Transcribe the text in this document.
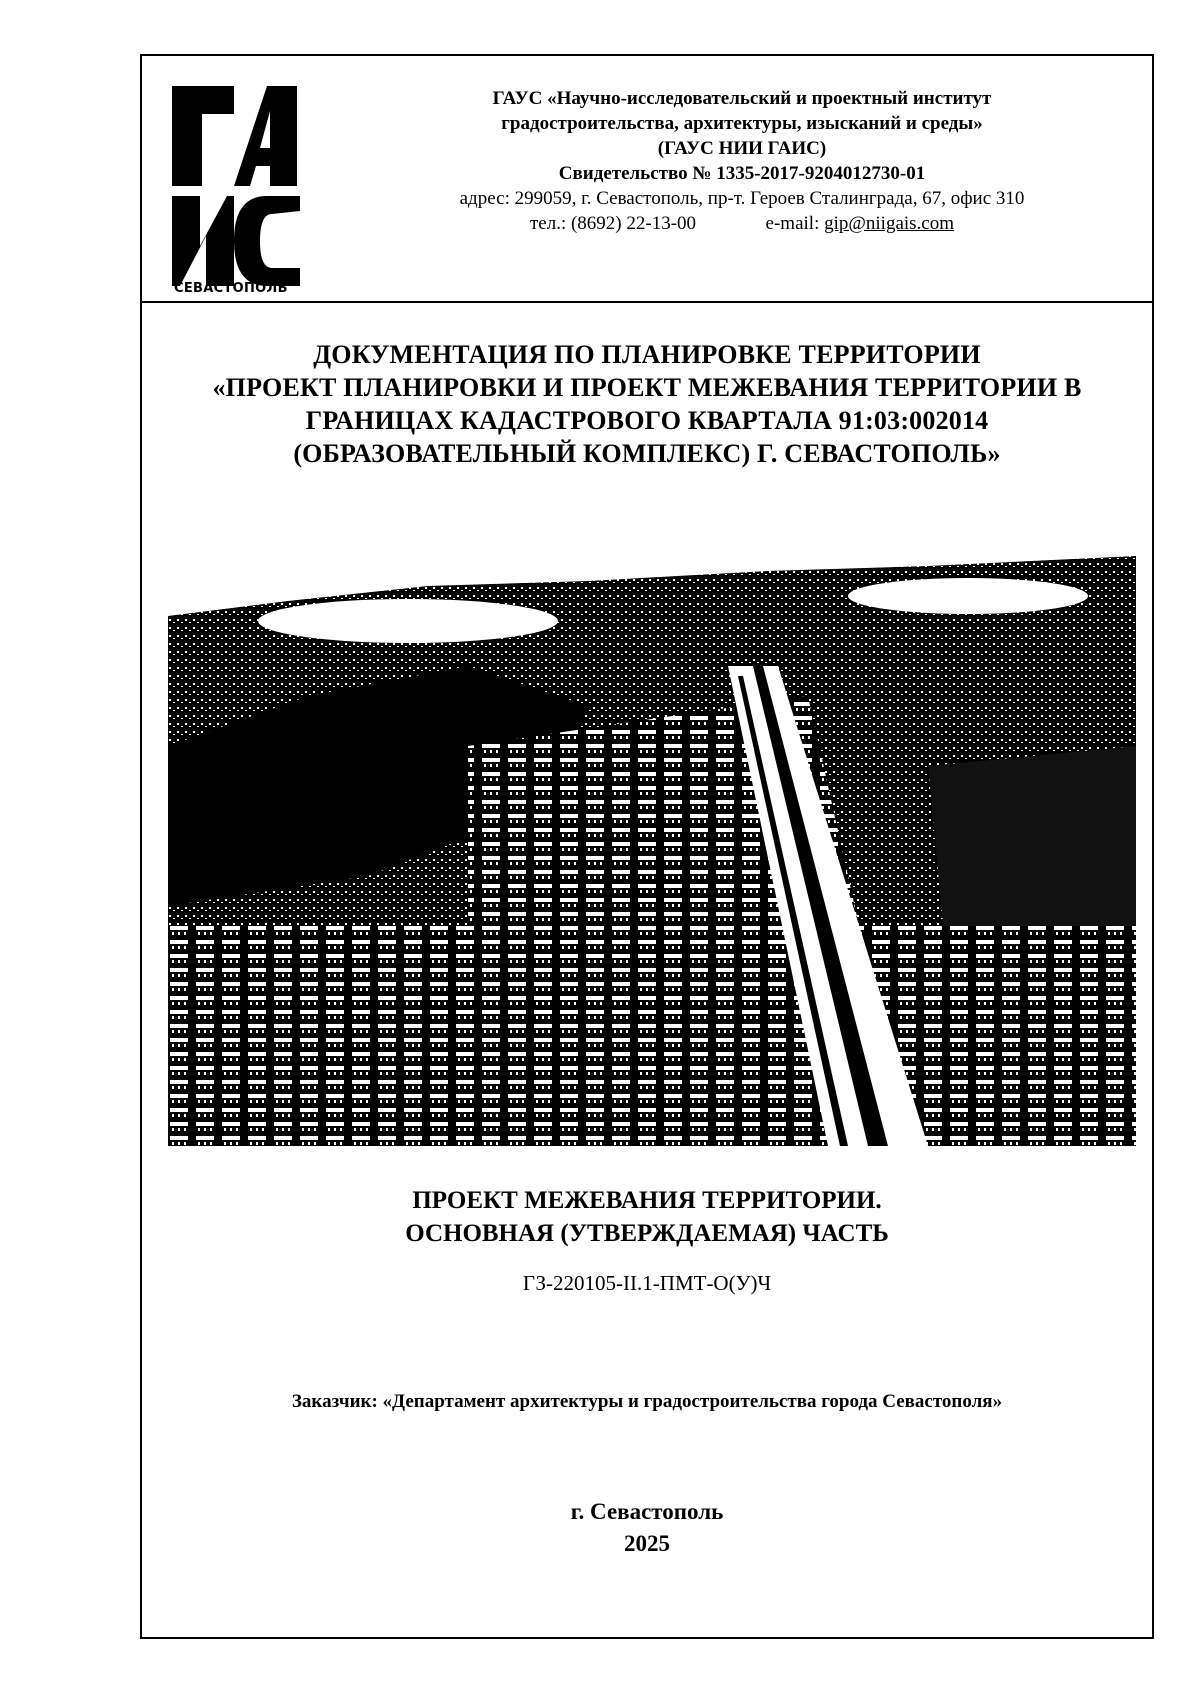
СЕВАСТОПОЛЬ
ГАУС «Научно-исследовательский и проектный институт
градостроительства, архитектуры, изысканий и среды»
(ГАУС НИИ ГАИС)
Свидетельство № 1335-2017-9204012730-01
адрес: 299059, г. Севастополь, пр-т. Героев Сталинграда, 67, офис 310
тел.: (8692) 22-13-00	e-mail: gip@niigais.com
ДОКУМЕНТАЦИЯ ПО ПЛАНИРОВКЕ ТЕРРИТОРИИ
«ПРОЕКТ ПЛАНИРОВКИ И ПРОЕКТ МЕЖЕВАНИЯ ТЕРРИТОРИИ В
ГРАНИЦАХ КАДАСТРОВОГО КВАРТАЛА 91:03:002014
(ОБРАЗОВАТЕЛЬНЫЙ КОМПЛЕКС) Г. СЕВАСТОПОЛЬ»
ПРОЕКТ МЕЖЕВАНИЯ ТЕРРИТОРИИ.
ОСНОВНАЯ (УТВЕРЖДАЕМАЯ) ЧАСТЬ
ГЗ-220105-II.1-ПМТ-О(У)Ч
Заказчик: «Департамент архитектуры и градостроительства города Севастополя»
г. Севастополь
2025
